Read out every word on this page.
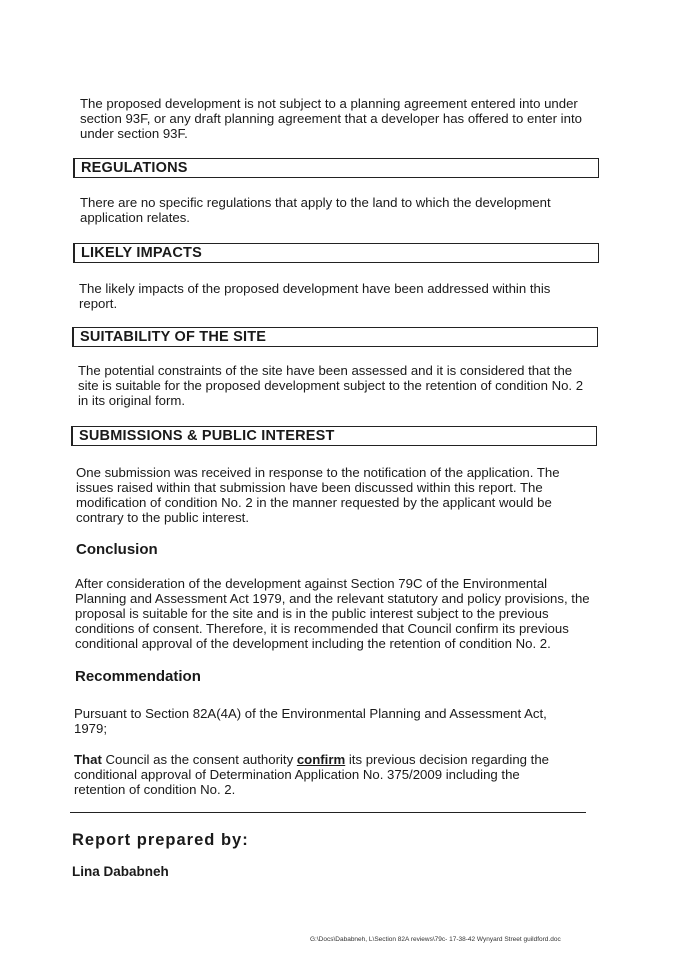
The proposed development is not subject to a planning agreement entered into under section 93F, or any draft planning agreement that a developer has offered to enter into under section 93F.

REGULATIONS

There are no specific regulations that apply to the land to which the development application relates.

LIKELY IMPACTS

The likely impacts of the proposed development have been addressed within this report.

SUITABILITY OF THE SITE

The potential constraints of the site have been assessed and it is considered that the site is suitable for the proposed development subject to the retention of condition No. 2 in its original form.

SUBMISSIONS & PUBLIC INTEREST

One submission was received in response to the notification of the application. The issues raised within that submission have been discussed within this report. The modification of condition No. 2 in the manner requested by the applicant would be contrary to the public interest.

Conclusion

After consideration of the development against Section 79C of the Environmental Planning and Assessment Act 1979, and the relevant statutory and policy provisions, the proposal is suitable for the site and is in the public interest subject to the previous conditions of consent. Therefore, it is recommended that Council confirm its previous conditional approval of the development including the retention of condition No. 2.

Recommendation

Pursuant to Section 82A(4A) of the Environmental Planning and Assessment Act, 1979;

That Council as the consent authority confirm its previous decision regarding the conditional approval of Determination Application No. 375/2009 including the retention of condition No. 2.

Report prepared by:
Lina Dababneh
G:\Docs\Dababneh, L\Section 82A reviews\79c- 17-38-42 Wynyard Street guildford.doc
